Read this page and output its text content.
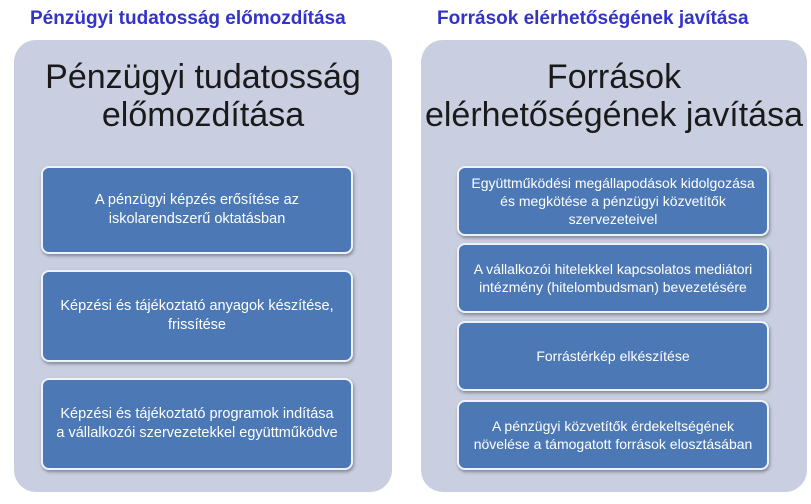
Pénzügyi tudatosság előmozdítása	Források elérhetőségének javítása
Pénzügyi tudatosság
előmozdítása
A pénzügyi képzés erősítése az iskolarendszerű oktatásban
Képzési és tájékoztató anyagok készítése, frissítése
Képzési és tájékoztató programok indítása a vállalkozói szervezetekkel együttműködve
Források
elérhetőségének javítása
Együttműködési megállapodások kidolgozása és megkötése a pénzügyi közvetítők szervezeteivel
A vállalkozói hitelekkel kapcsolatos mediátori intézmény (hitelombudsman) bevezetésére
Forrástérkép elkészítése
A pénzügyi közvetítők érdekeltségének növelése a támogatott források elosztásában
